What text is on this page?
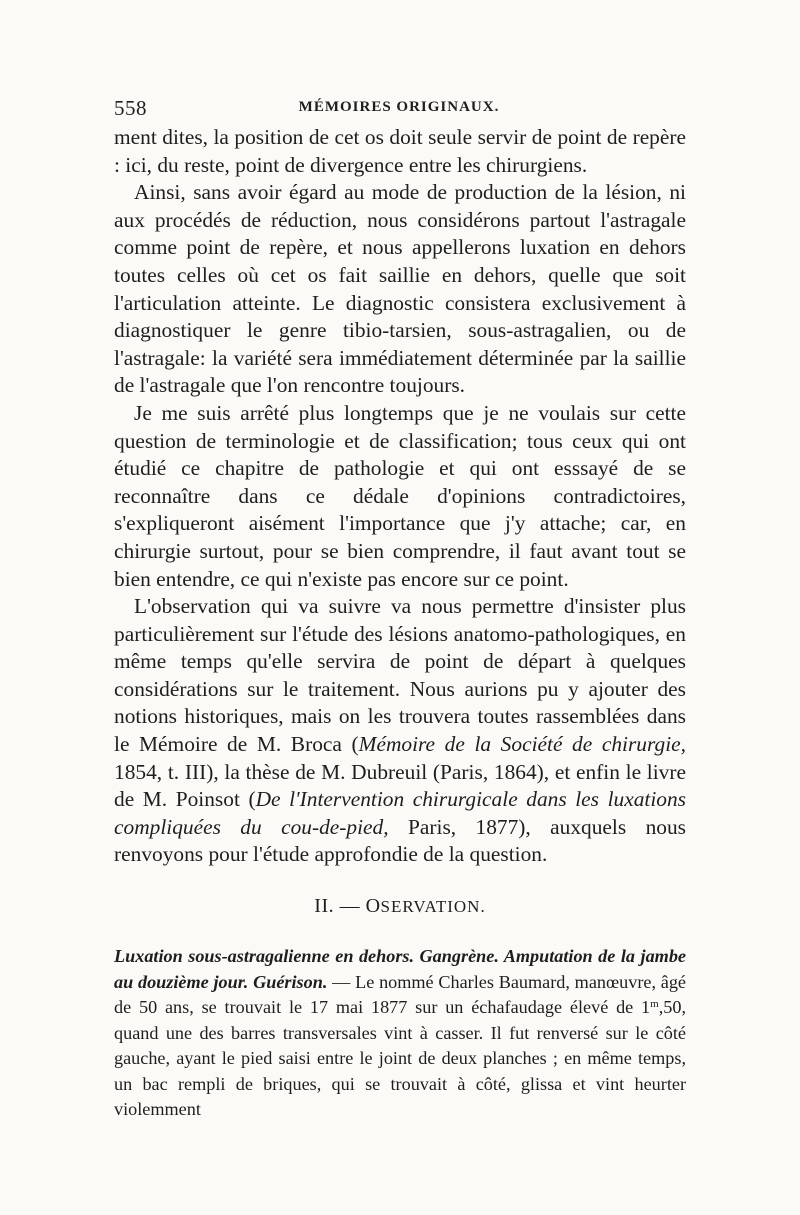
558	MÉMOIRES ORIGINAUX.

ment dites, la position de cet os doit seule servir de point de repère : ici, du reste, point de divergence entre les chirurgiens.

Ainsi, sans avoir égard au mode de production de la lésion, ni aux procédés de réduction, nous considérons partout l'astragale comme point de repère, et nous appellerons luxation en dehors toutes celles où cet os fait saillie en dehors, quelle que soit l'articulation atteinte. Le diagnostic consistera exclusivement à diagnostiquer le genre tibio-tarsien, sous-astragalien, ou de l'astragale: la variété sera immédiatement déterminée par la saillie de l'astragale que l'on rencontre toujours.

Je me suis arrêté plus longtemps que je ne voulais sur cette question de terminologie et de classification; tous ceux qui ont étudié ce chapitre de pathologie et qui ont esssayé de se reconnaître dans ce dédale d'opinions contradictoires, s'expliqueront aisément l'importance que j'y attache; car, en chirurgie surtout, pour se bien comprendre, il faut avant tout se bien entendre, ce qui n'existe pas encore sur ce point.

L'observation qui va suivre va nous permettre d'insister plus particulièrement sur l'étude des lésions anatomo-pathologiques, en même temps qu'elle servira de point de départ à quelques considérations sur le traitement. Nous aurions pu y ajouter des notions historiques, mais on les trouvera toutes rassemblées dans le Mémoire de M. Broca (Mémoire de la Société de chirurgie, 1854, t. III), la thèse de M. Dubreuil (Paris, 1864), et enfin le livre de M. Poinsot (De l'Intervention chirurgicale dans les luxations compliquées du cou-de-pied, Paris, 1877), auxquels nous renvoyons pour l'étude approfondie de la question.

II. — OSERVATION.

Luxation sous-astragalienne en dehors. Gangrène. Amputation de la jambe au douzième jour. Guérison. — Le nommé Charles Baumard, manœuvre, âgé de 50 ans, se trouvait le 17 mai 1877 sur un échafaudage élevé de 1$^m$,50, quand une des barres transversales vint à casser. Il fut renversé sur le côté gauche, ayant le pied saisi entre le joint de deux planches ; en même temps, un bac rempli de briques, qui se trouvait à côté, glissa et vint heurter violemment
